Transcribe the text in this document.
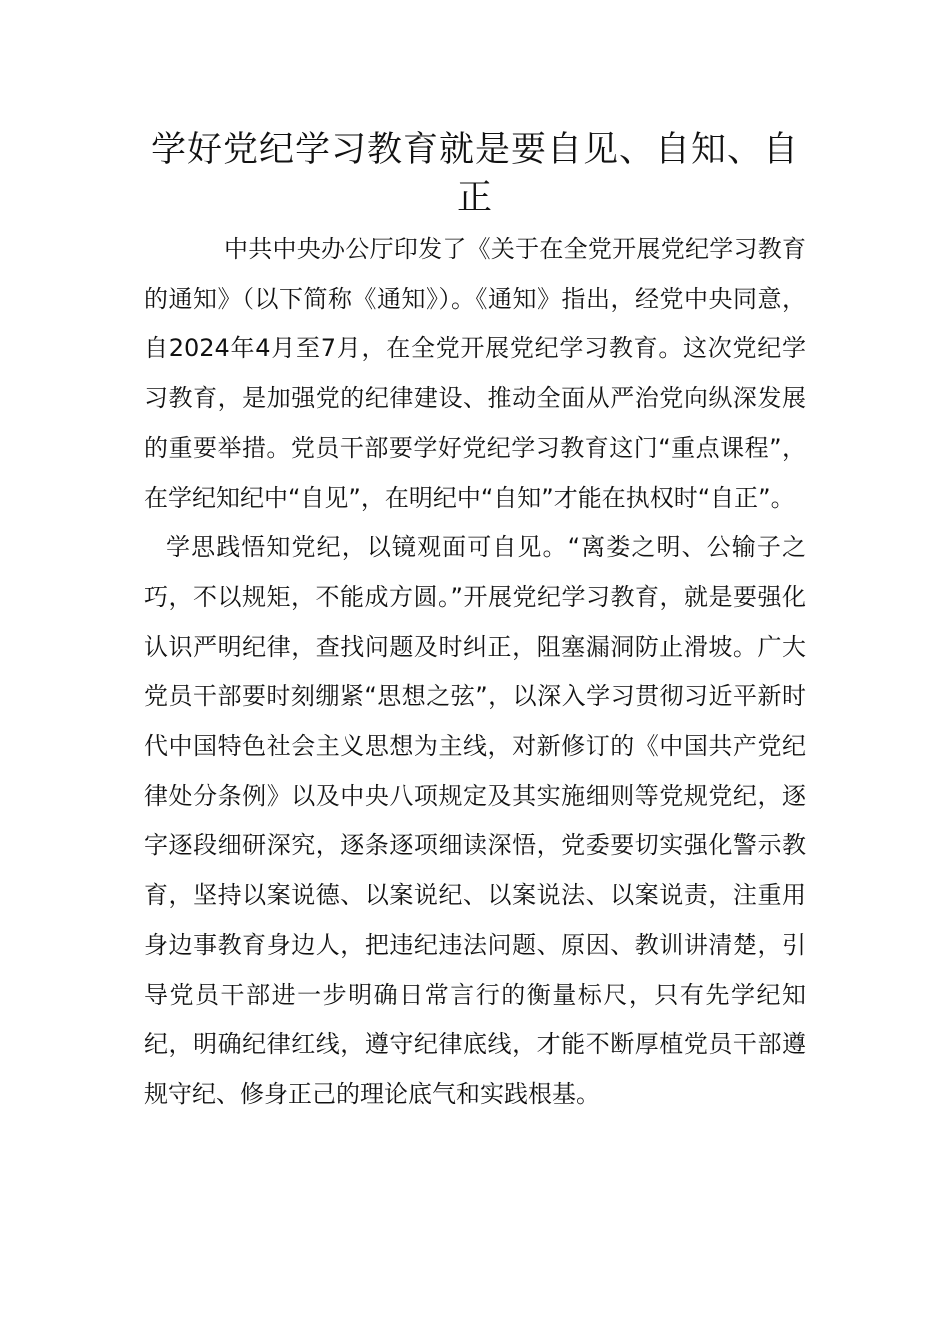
学好党纪学习教育就是要自见、自知、自正

中共中央办公厅印发了《关于在全党开展党纪学习教育的通知》（以下简称《通知》）。《通知》指出，经党中央同意，自2024年4月至7月，在全党开展党纪学习教育。这次党纪学习教育，是加强党的纪律建设、推动全面从严治党向纵深发展的重要举措。党员干部要学好党纪学习教育这门“重点课程”，在学纪知纪中“自见”，在明纪中“自知”才能在执权时“自正”。

学思践悟知党纪，以镜观面可自见。“离娄之明、公输子之巧，不以规矩，不能成方圆。”开展党纪学习教育，就是要强化认识严明纪律，查找问题及时纠正，阻塞漏洞防止滑坡。广大党员干部要时刻绷紧“思想之弦”，以深入学习贯彻习近平新时代中国特色社会主义思想为主线，对新修订的《中国共产党纪律处分条例》以及中央八项规定及其实施细则等党规党纪，逐字逐段细研深究，逐条逐项细读深悟，党委要切实强化警示教育，坚持以案说德、以案说纪、以案说法、以案说责，注重用身边事教育身边人，把违纪违法问题、原因、教训讲清楚，引导党员干部进一步明确日常言行的衡量标尺，只有先学纪知纪，明确纪律红线，遵守纪律底线，才能不断厚植党员干部遵规守纪、修身正己的理论底气和实践根基。
